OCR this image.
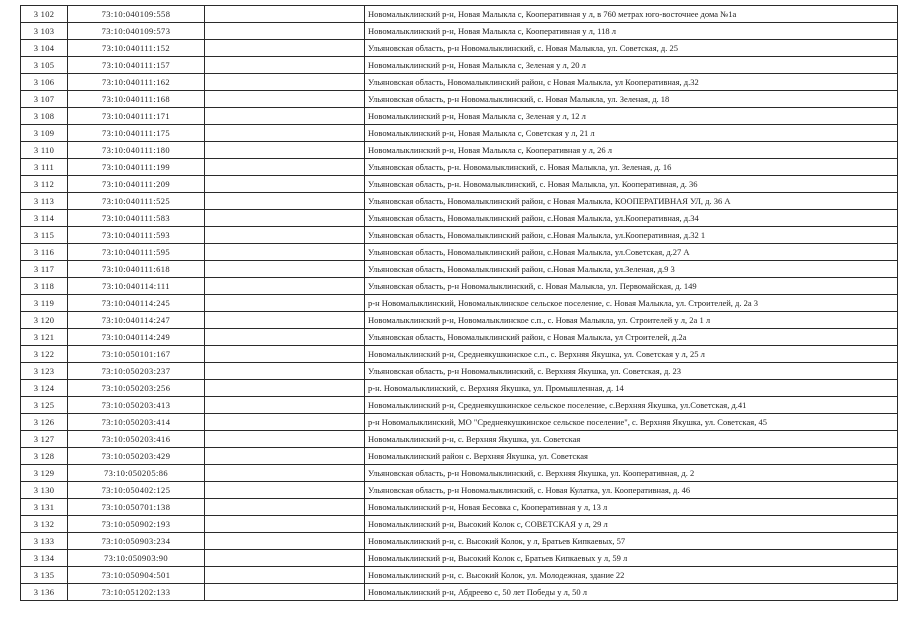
3 102	73:10:040109:558		Новомалыклинский р-н, Новая Малыкла с, Кооперативная у л, в 760 метрах юго-восточнее дома №1а
3 103	73:10:040109:573		Новомалыклинский р-н, Новая Малыкла с, Кооперативная у л, 118 л
3 104	73:10:040111:152		Ульяновская область, р-н Новомалыклинский, с. Новая Малыкла, ул. Советская, д. 25
3 105	73:10:040111:157		Новомалыклинский р-н, Новая Малыкла с, Зеленая у л, 20 л
3 106	73:10:040111:162		Ульяновская область, Новомалыклинский район, с Новая Малыкла, ул Кооперативная, д.32
3 107	73:10:040111:168		Ульяновская область, р-н Новомалыклинский, с. Новая Малыкла, ул. Зеленая, д. 18
3 108	73:10:040111:171		Новомалыклинский р-н, Новая Малыкла с, Зеленая у л, 12 л
3 109	73:10:040111:175		Новомалыклинский р-н, Новая Малыкла с, Советская у л, 21 л
3 110	73:10:040111:180		Новомалыклинский р-н, Новая Малыкла с, Кооперативная у л, 26 л
3 111	73:10:040111:199		Ульяновская область, р-н. Новомалыклинский, с. Новая Малыкла, ул. Зеленая, д. 16
3 112	73:10:040111:209		Ульяновская область, р-н. Новомалыклинский, с. Новая Малыкла, ул. Кооперативная, д. 36
3 113	73:10:040111:525		Ульяновская область, Новомалыклинский район, с Новая Малыкла, КООПЕРАТИВНАЯ УЛ, д. 36 А
3 114	73:10:040111:583		Ульяновская область, Новомалыклинский район, с.Новая Малыкла, ул.Кооперативная, д.34
3 115	73:10:040111:593		Ульяновская область, Новомалыклинский район, с.Новая Малыкла, ул.Кооперативная, д.32 1
3 116	73:10:040111:595		Ульяновская область, Новомалыклинский район, с.Новая Малыкла, ул.Советская, д.27 А
3 117	73:10:040111:618		Ульяновская область, Новомалыклинский район, с.Новая Малыкла, ул.Зеленая, д.9 3
3 118	73:10:040114:111		Ульяновская область, р-н Новомалыклинский, с. Новая Малыкла, ул. Первомайская, д. 149
3 119	73:10:040114:245		р-н Новомалыклинский, Новомалыклинское сельское поселение, с. Новая Малыкла, ул. Строителей, д. 2а 3
3 120	73:10:040114:247		Новомалыклинский р-н, Новомалыклинское с.п., с. Новая Малыкла, ул. Строителей у л, 2а 1 л
3 121	73:10:040114:249		Ульяновская область, Новомалыклинский район, с Новая Малыкла, ул Строителей, д.2а
3 122	73:10:050101:167		Новомалыклинский р-н, Среднеякушкинское с.п., с. Верхняя Якушка, ул. Советская у л, 25 л
3 123	73:10:050203:237		Ульяновская область, р-н Новомалыклинский, с. Верхняя Якушка, ул. Советская, д. 23
3 124	73:10:050203:256		р-н. Новомалыклинский, с. Верхняя Якушка, ул. Промышленная, д. 14
3 125	73:10:050203:413		Новомалыклинский р-н, Среднеякушкинское сельское поселение, с.Верхняя Якушка, ул.Советская, д.41
3 126	73:10:050203:414		р-н Новомалыклинский, МО "Среднеякушкинское сельское поселение", с. Верхняя Якушка, ул. Советская, 45
3 127	73:10:050203:416		Новомалыклинский р-н, с. Верхняя Якушка, ул. Советская
3 128	73:10:050203:429		Новомалыклинский район с. Верхняя Якушка, ул. Советская
3 129	73:10:050205:86		Ульяновская область, р-н Новомалыклинский, с. Верхняя Якушка, ул. Кооперативная, д. 2
3 130	73:10:050402:125		Ульяновская область, р-н Новомалыклинский, с. Новая Кулатка, ул. Кооперативная, д. 46
3 131	73:10:050701:138		Новомалыклинский р-н, Новая Бесовка с, Кооперативная у л, 13 л
3 132	73:10:050902:193		Новомалыклинский р-н, Высокий Колок с, СОВЕТСКАЯ у л, 29 л
3 133	73:10:050903:234		Новомалыклинский р-н, с. Высокий Колок, у л, Братьев Кипкаевых, 57
3 134	73:10:050903:90		Новомалыклинский р-н, Высокий Колок с, Братьев Кипкаевых у л, 59 л
3 135	73:10:050904:501		Новомалыклинский р-н, с. Высокий Колок, ул. Молодежная, здание 22
3 136	73:10:051202:133		Новомалыклинский р-н, Абдреево с, 50 лет Победы у л, 50 л
